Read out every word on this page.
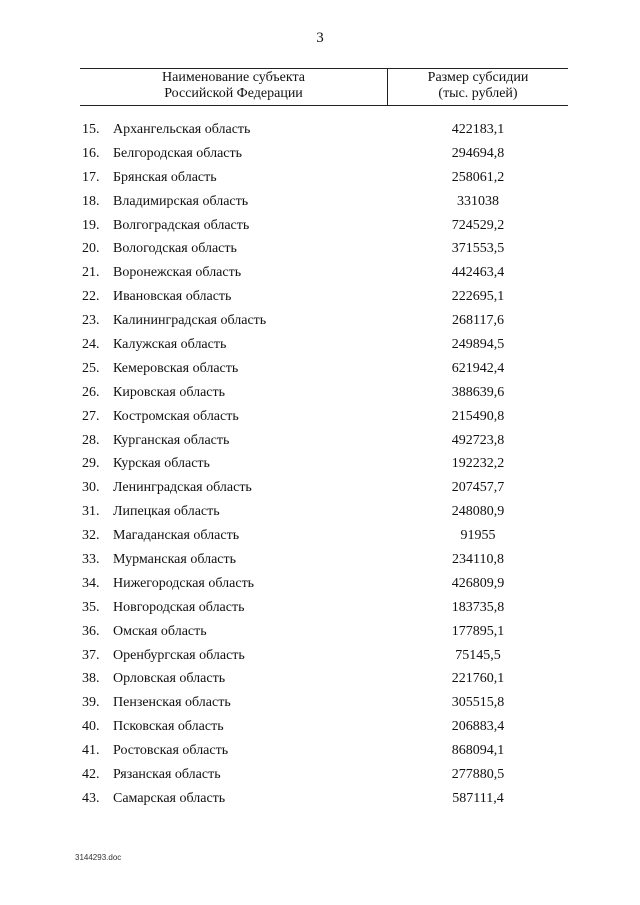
3
Наименование субъекта
Российской Федерации
Размер субсидии
(тыс. рублей)
15. Архангельская область	422183,1
16. Белгородская область	294694,8
17. Брянская область	258061,2
18. Владимирская область	331038
19. Волгоградская область	724529,2
20. Вологодская область	371553,5
21. Воронежская область	442463,4
22. Ивановская область	222695,1
23. Калининградская область	268117,6
24. Калужская область	249894,5
25. Кемеровская область	621942,4
26. Кировская область	388639,6
27. Костромская область	215490,8
28. Курганская область	492723,8
29. Курская область	192232,2
30. Ленинградская область	207457,7
31. Липецкая область	248080,9
32. Магаданская область	91955
33. Мурманская область	234110,8
34. Нижегородская область	426809,9
35. Новгородская область	183735,8
36. Омская область	177895,1
37. Оренбургская область	75145,5
38. Орловская область	221760,1
39. Пензенская область	305515,8
40. Псковская область	206883,4
41. Ростовская область	868094,1
42. Рязанская область	277880,5
43. Самарская область	587111,4
3144293.doc
